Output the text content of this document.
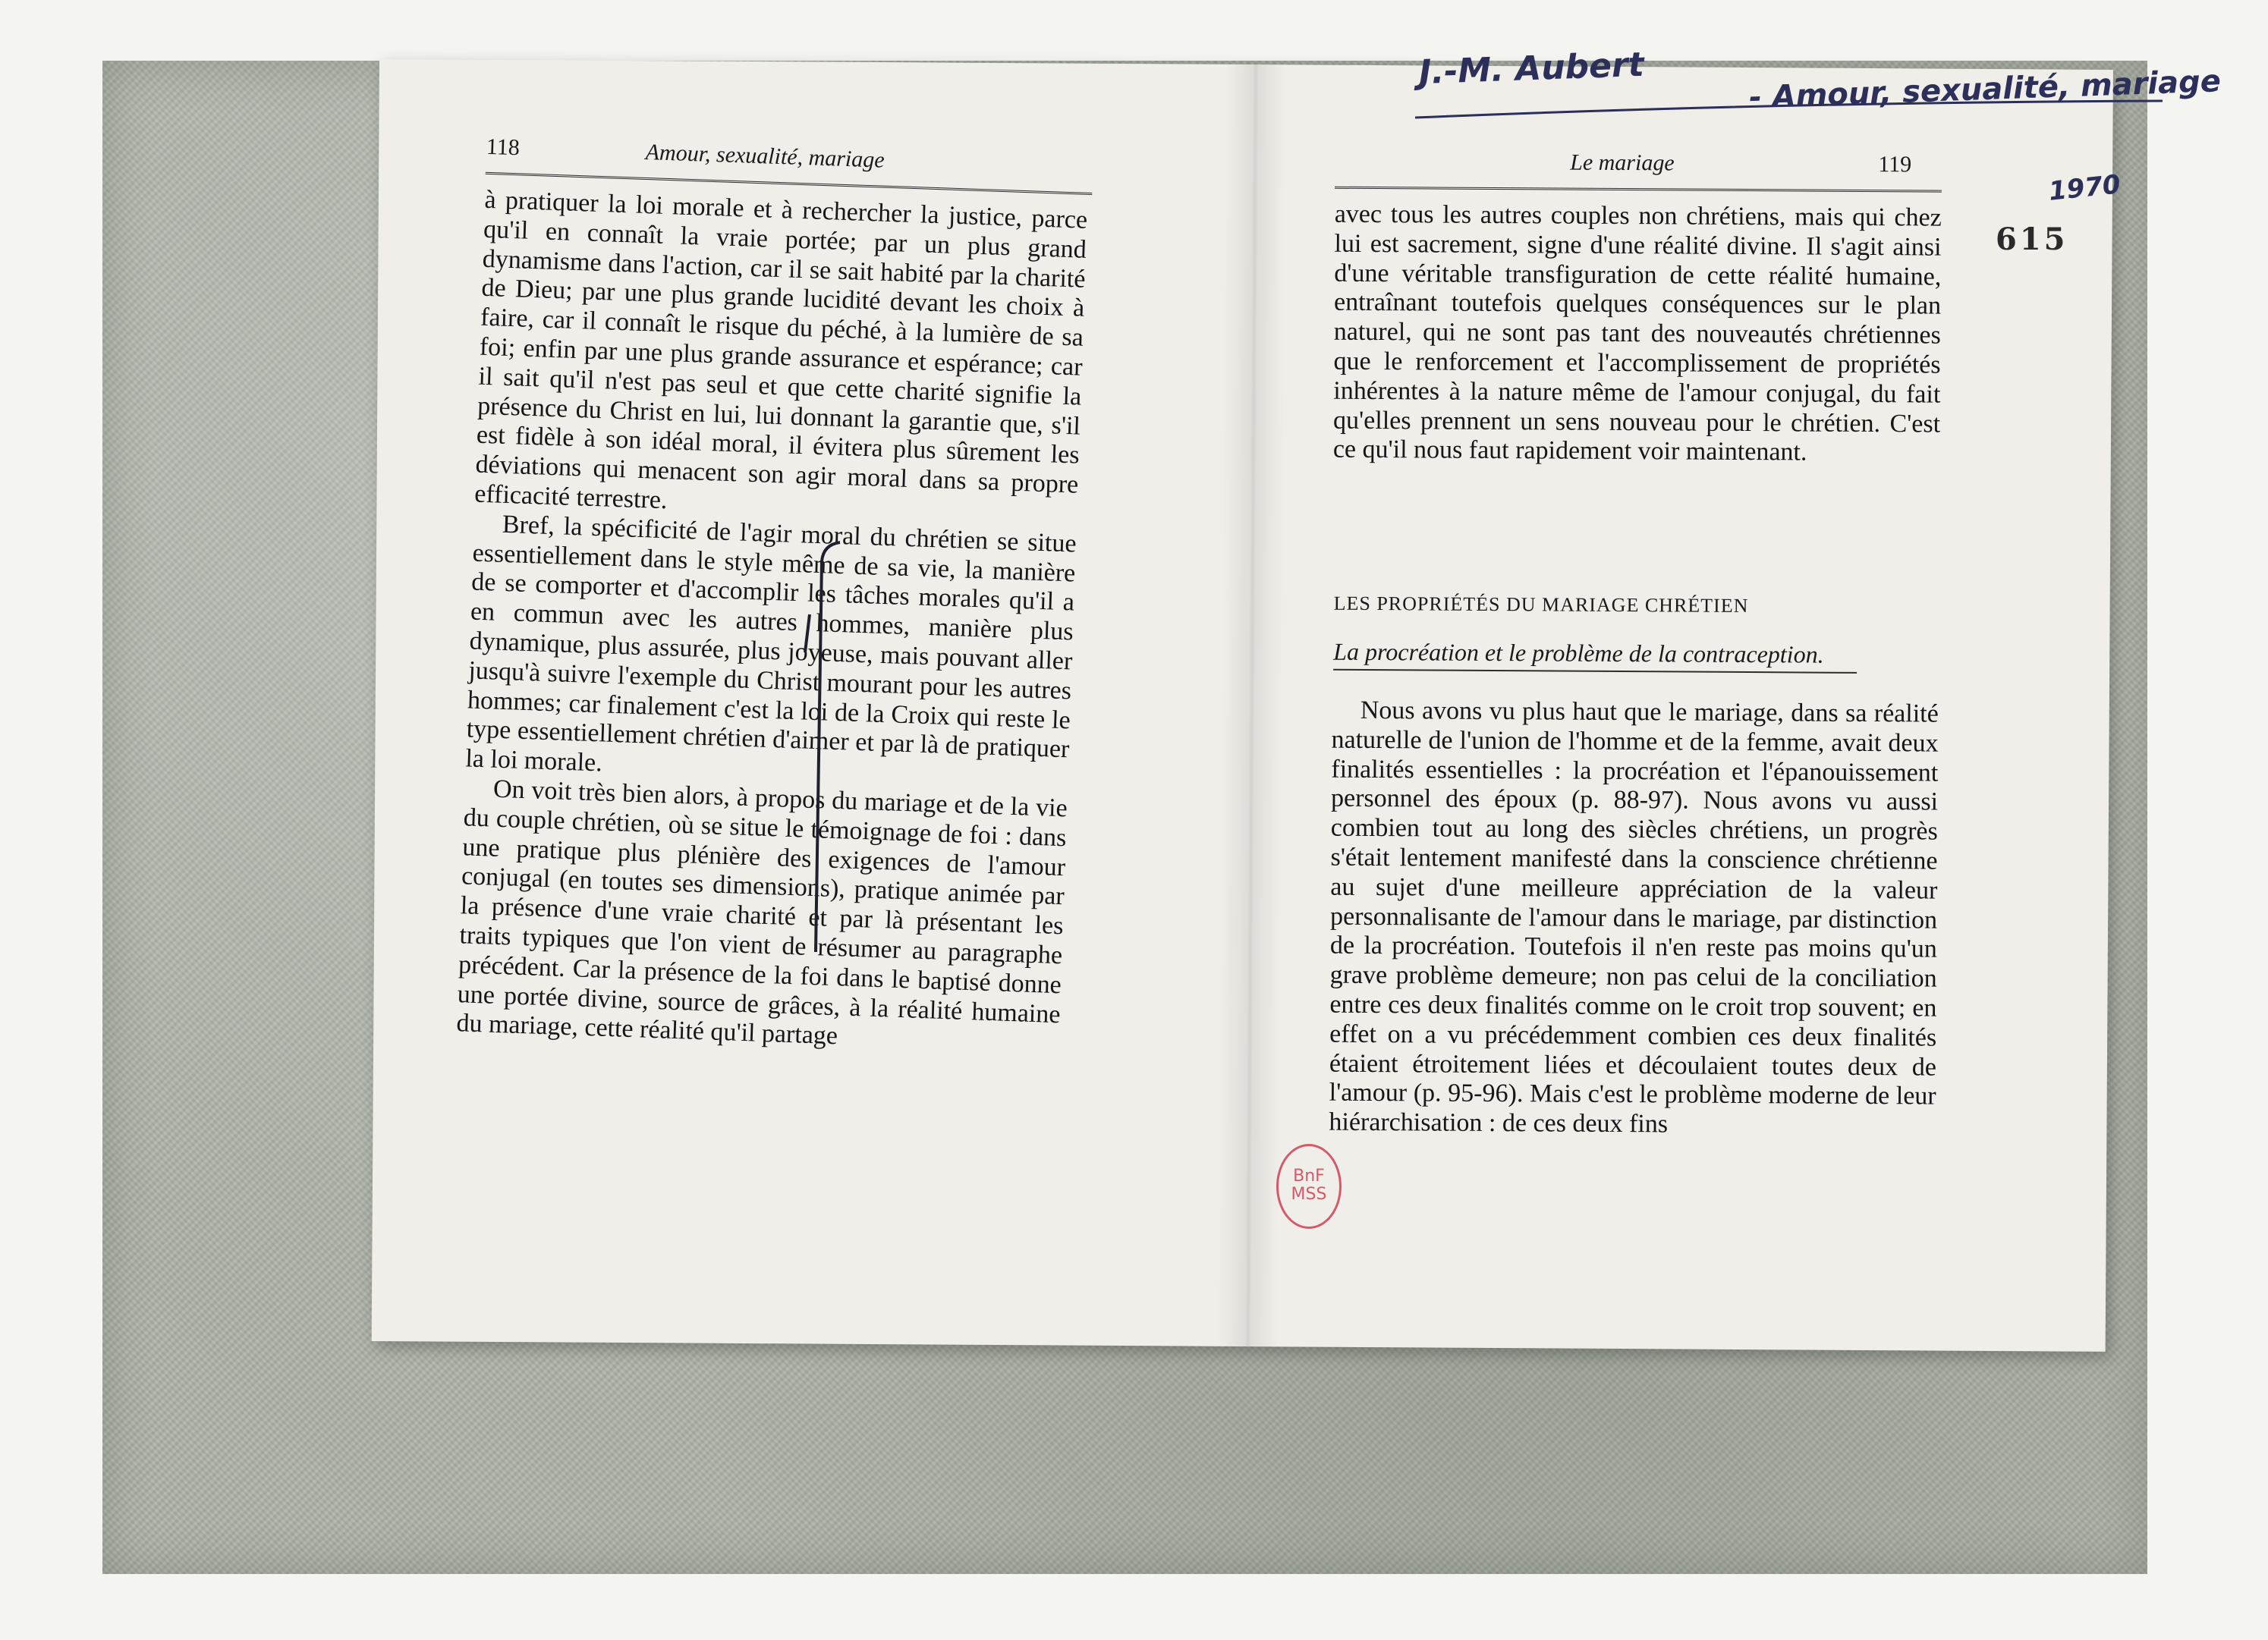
118	Amour, sexualité, mariage

à pratiquer la loi morale et à rechercher la justice, parce qu'il en connaît la vraie portée; par un plus grand dynamisme dans l'action, car il se sait habité par la charité de Dieu; par une plus grande lucidité devant les choix à faire, car il connaît le risque du péché, à la lumière de sa foi; enfin par une plus grande assurance et espérance; car il sait qu'il n'est pas seul et que cette charité signifie la présence du Christ en lui, lui donnant la garantie que, s'il est fidèle à son idéal moral, il évitera plus sûrement les déviations qui menacent son agir moral dans sa propre efficacité terrestre.

Bref, la spécificité de l'agir moral du chrétien se situe essentiellement dans le style même de sa vie, la manière de se comporter et d'accomplir les tâches morales qu'il a en commun avec les autres hommes, manière plus dynamique, plus assurée, plus joyeuse, mais pouvant aller jusqu'à suivre l'exemple du Christ mourant pour les autres hommes; car finalement c'est la loi de la Croix qui reste le type essentiellement chrétien d'aimer et par là de pratiquer la loi morale.

On voit très bien alors, à propos du mariage et de la vie du couple chrétien, où se situe le témoignage de foi : dans une pratique plus plénière des exigences de l'amour conjugal (en toutes ses dimensions), pratique animée par la présence d'une vraie charité et par là présentant les traits typiques que l'on vient de résumer au paragraphe précédent. Car la présence de la foi dans le baptisé donne une portée divine, source de grâces, à la réalité humaine du mariage, cette réalité qu'il partage

Le mariage	119

avec tous les autres couples non chrétiens, mais qui chez lui est sacrement, signe d'une réalité divine. Il s'agit ainsi d'une véritable transfiguration de cette réalité humaine, entraînant toutefois quelques conséquences sur le plan naturel, qui ne sont pas tant des nouveautés chrétiennes que le renforcement et l'accomplissement de propriétés inhérentes à la nature même de l'amour conjugal, du fait qu'elles prennent un sens nouveau pour le chrétien. C'est ce qu'il nous faut rapidement voir maintenant.

LES PROPRIÉTÉS DU MARIAGE CHRÉTIEN
La procréation et le problème de la contraception.

Nous avons vu plus haut que le mariage, dans sa réalité naturelle de l'union de l'homme et de la femme, avait deux finalités essentielles : la procréation et l'épanouissement personnel des époux (p. 88-97). Nous avons vu aussi combien tout au long des siècles chrétiens, un progrès s'était lentement manifesté dans la conscience chrétienne au sujet d'une meilleure appréciation de la valeur personnalisante de l'amour dans le mariage, par distinction de la procréation. Toutefois il n'en reste pas moins qu'un grave problème demeure; non pas celui de la conciliation entre ces deux finalités comme on le croit trop souvent; en effet on a vu précédemment combien ces deux finalités étaient étroitement liées et découlaient toutes deux de l'amour (p. 95-96). Mais c'est le problème moderne de leur hiérarchisation : de ces deux fins

J.-M. Aubert	- Amour, sexualité, mariage
1970
615
BnF
MSS
